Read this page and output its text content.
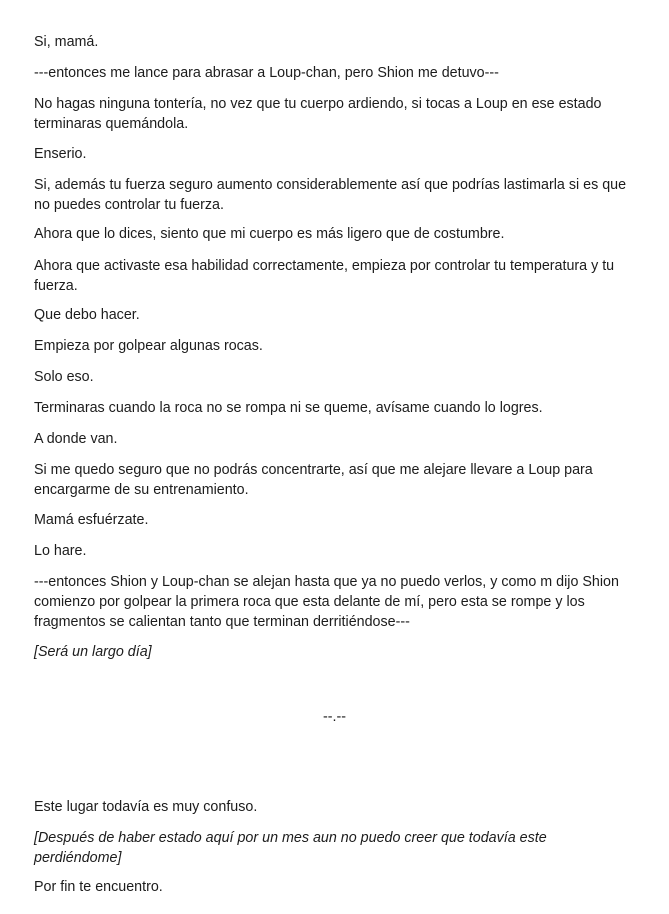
Si, mamá.

---entonces me lance para abrasar a Loup-chan, pero Shion me detuvo---

No hagas ninguna tontería, no vez que tu cuerpo ardiendo, si tocas a Loup en ese estado terminaras quemándola.

Enserio.

Si, además tu fuerza seguro aumento considerablemente así que podrías lastimarla si es que no puedes controlar tu fuerza.

Ahora que lo dices, siento que mi cuerpo es más ligero que de costumbre.

Ahora que activaste esa habilidad correctamente, empieza por controlar tu temperatura y tu fuerza.

Que debo hacer.

Empieza por golpear algunas rocas.

Solo eso.

Terminaras cuando la roca no se rompa ni se queme, avísame cuando lo logres.

A donde van.

Si me quedo seguro que no podrás concentrarte, así que me alejare llevare a Loup para encargarme de su entrenamiento.

Mamá esfuérzate.

Lo hare.

---entonces Shion y Loup-chan se alejan hasta que ya no puedo verlos, y como m dijo Shion comienzo por golpear la primera roca que esta delante de mí, pero esta se rompe y los fragmentos se calientan tanto que terminan derritiéndose---

[Será un largo día]

--.--

Este lugar todavía es muy confuso.

[Después de haber estado aquí por un mes aun no puedo creer que todavía este perdiéndome]

Por fin te encuentro.
